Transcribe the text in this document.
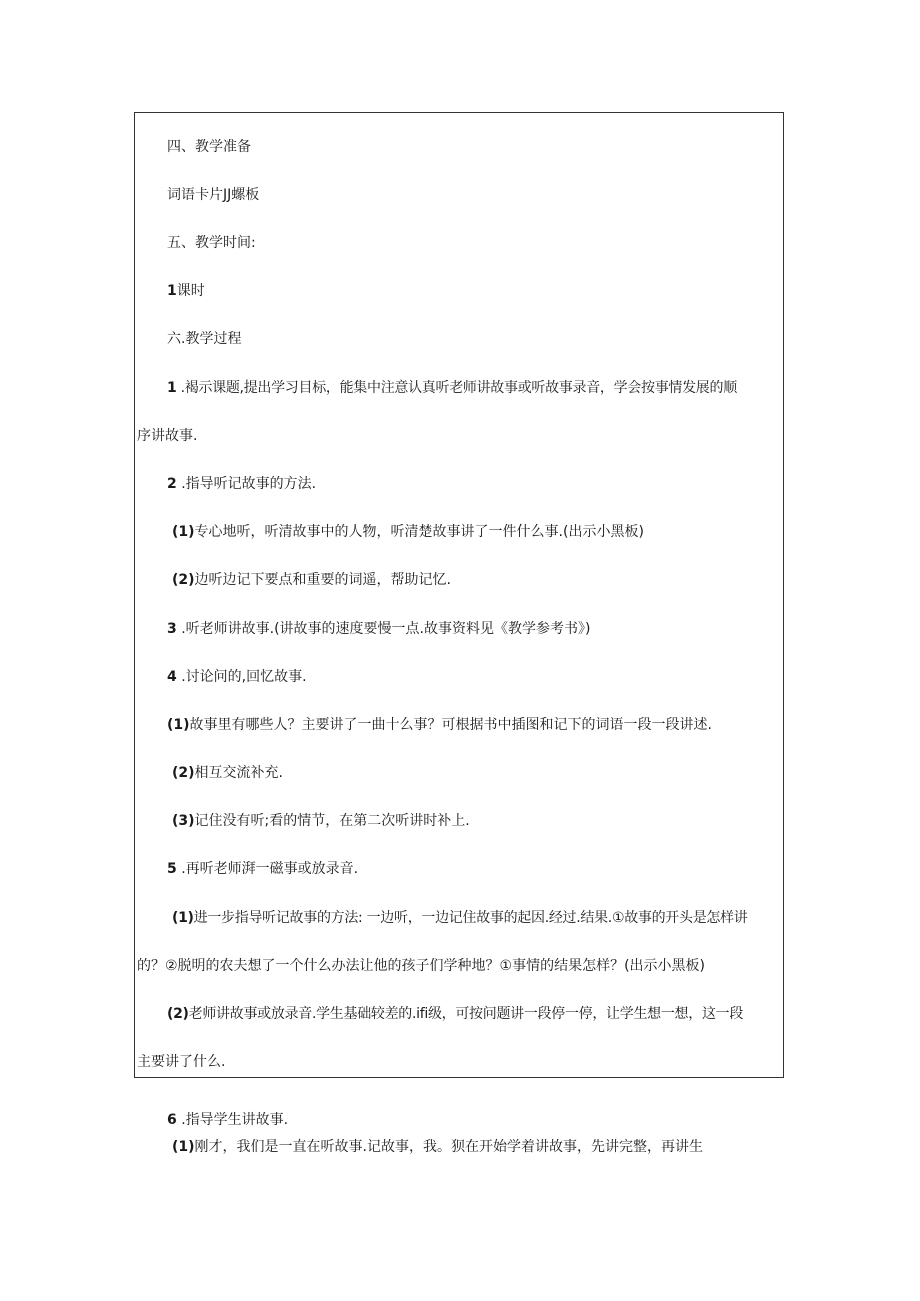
四、教学准备
词语卡片JJ螺板
五、教学时间:
1课时
六.教学过程
1 .褐示课题,提出学习目标，能集中注意认真听老师讲故事或听故事录音，学会按事情发展的顺
序讲故事.
2 .指导听记故事的方法.
(1)专心地听，听清故事中的人物，听清楚故事讲了一件什么事.(出示小黑板)
(2)边听边记下要点和重要的词遥，帮助记忆.
3 .听老师讲故事.(讲故事的速度要慢一点.故事资料见《教学参考书》)
4 .讨论问的,回忆故事.
(1)故事里有哪些人？主要讲了一曲十么事？可根据书中插图和记下的词语一段一段讲述.
(2)相互交流补充.
(3)记住没有听;看的情节，在第二次听讲时补上.
5 .再听老师湃一磁事或放录音.
(1)进一步指导听记故事的方法: 一边听，一边记住故事的起因.经过.结果.①故事的开头是怎样讲
的？②脱明的农夫想了一个什么办法让他的孩子们学种地？①事情的结果怎样？(出示小黑板)
(2)老师讲故事或放录音.学生基础较差的.ifi级，可按问题讲一段停一停，让学生想一想，这一段
主要讲了什么.
6 .指导学生讲故事.
(1)刚才，我们是一直在听故事.记故事，我。狈在开始学着讲故事，先讲完整，再讲生
